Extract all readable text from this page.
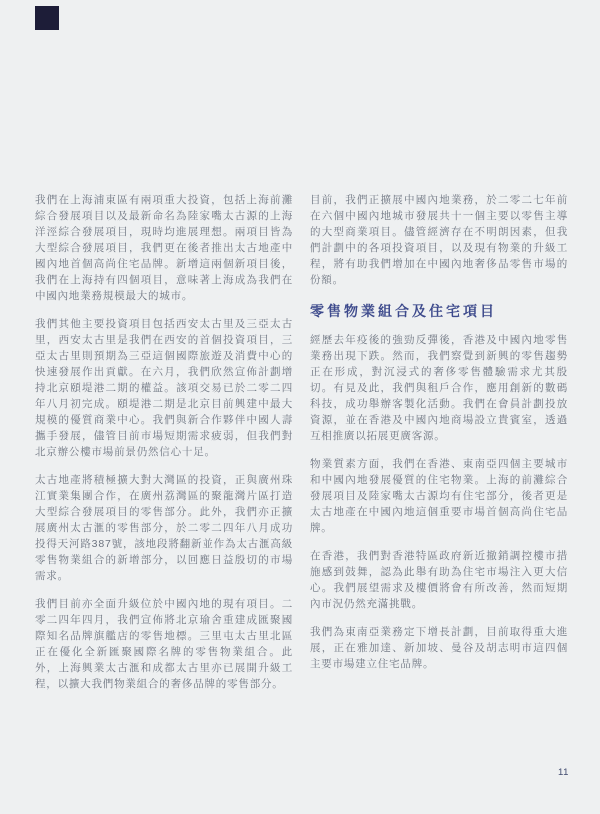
我們在上海浦東區有兩項重大投資，包括上海前灘綜合發展項目以及最新命名為陸家嘴太古源的上海洋涇綜合發展項目，現時均進展理想。兩項目皆為大型綜合發展項目，我們更在後者推出太古地產中國內地首個高尚住宅品牌。新增這兩個新項目後，我們在上海持有四個項目，意味著上海成為我們在中國內地業務規模最大的城市。

我們其他主要投資項目包括西安太古里及三亞太古里，西安太古里是我們在西安的首個投資項目，三亞太古里則預期為三亞這個國際旅遊及消費中心的快速發展作出貢獻。在六月，我們欣然宣佈計劃增持北京頤堤港二期的權益。該項交易已於二零二四年八月初完成。頤堤港二期是北京目前興建中最大規模的優質商業中心。我們與新合作夥伴中國人壽攜手發展，儘管目前市場短期需求疲弱，但我們對北京辦公樓市場前景仍然信心十足。

太古地產將積極擴大對大灣區的投資，正與廣州珠江實業集團合作，在廣州荔灣區的聚龍灣片區打造大型綜合發展項目的零售部分。此外，我們亦正擴展廣州太古滙的零售部分，於二零二四年八月成功投得天河路387號，該地段將翻新並作為太古滙高級零售物業組合的新增部分，以回應日益殷切的市場需求。

我們目前亦全面升級位於中國內地的現有項目。二零二四年四月，我們宣佈將北京瑜舍重建成匯聚國際知名品牌旗艦店的零售地標。三里屯太古里北區正在優化全新匯聚國際名牌的零售物業組合。此外，上海興業太古滙和成都太古里亦已展開升級工程，以擴大我們物業組合的奢侈品牌的零售部分。

目前，我們正擴展中國內地業務，於二零二七年前在六個中國內地城市發展共十一個主要以零售主導的大型商業項目。儘管經濟存在不明朗因素，但我們計劃中的各項投資項目，以及現有物業的升級工程，將有助我們增加在中國內地奢侈品零售市場的份額。

零售物業組合及住宅項目

經歷去年疫後的強勁反彈後，香港及中國內地零售業務出現下跌。然而，我們察覺到新興的零售趨勢正在形成，對沉浸式的奢侈零售體驗需求尤其殷切。有見及此，我們與租戶合作，應用創新的數碼科技，成功舉辦客製化活動。我們在會員計劃投放資源，並在香港及中國內地商場設立貴賓室，透過互相推廣以拓展更廣客源。

物業質素方面，我們在香港、東南亞四個主要城市和中國內地發展優質的住宅物業。上海的前灘綜合發展項目及陸家嘴太古源均有住宅部分，後者更是太古地產在中國內地這個重要市場首個高尚住宅品牌。

在香港，我們對香港特區政府新近撤銷調控樓市措施感到鼓舞，認為此舉有助為住宅市場注入更大信心。我們展望需求及樓價將會有所改善，然而短期內市況仍然充滿挑戰。

我們為東南亞業務定下增長計劃，目前取得重大進展，正在雅加達、新加坡、曼谷及胡志明市這四個主要市場建立住宅品牌。

11
